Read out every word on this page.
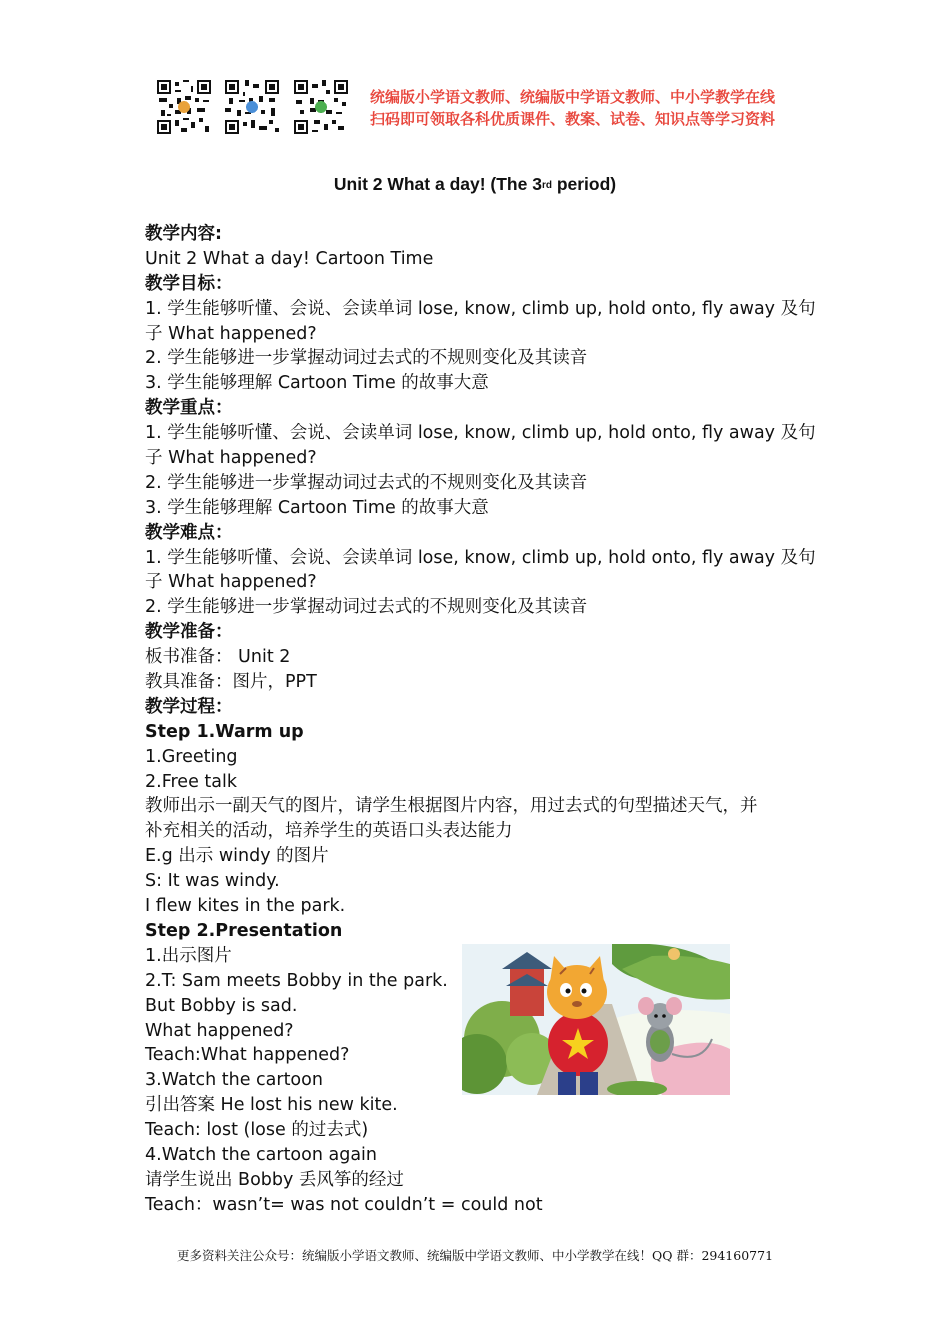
统编版小学语文教师、统编版中学语文教师、中小学教学在线
扫码即可领取各科优质课件、教案、试卷、知识点等学习资料
Unit 2 What a day! (The 3rd period)
教学内容:
Unit 2 What a day! Cartoon Time
教学目标：
1. 学生能够听懂、会说、会读单词 lose, know, climb up, hold onto, fly away 及句
子 What happened?
2. 学生能够进一步掌握动词过去式的不规则变化及其读音
3. 学生能够理解 Cartoon Time 的故事大意
教学重点：
1. 学生能够听懂、会说、会读单词 lose, know, climb up, hold onto, fly away 及句
子 What happened?
2. 学生能够进一步掌握动词过去式的不规则变化及其读音
3. 学生能够理解 Cartoon Time 的故事大意
教学难点：
1. 学生能够听懂、会说、会读单词 lose, know, climb up, hold onto, fly away 及句
子 What happened?
2. 学生能够进一步掌握动词过去式的不规则变化及其读音
教学准备：
板书准备： Unit 2
教具准备：图片，PPT
教学过程：
Step 1.Warm up
1.Greeting
2.Free talk
教师出示一副天气的图片，请学生根据图片内容，用过去式的句型描述天气，并
补充相关的活动，培养学生的英语口头表达能力
E.g 出示 windy 的图片
S: It was windy.
I flew kites in the park.
Step 2.Presentation
1.出示图片
2.T: Sam meets Bobby in the park.
But Bobby is sad.
What happened?
Teach:What happened?
3.Watch the cartoon
引出答案 He lost his new kite.
Teach: lost (lose 的过去式)
4.Watch the cartoon again
请学生说出 Bobby 丢风筝的经过
Teach：wasn’t= was not couldn’t = could not
更多资料关注公众号：统编版小学语文教师、统编版中学语文教师、中小学教学在线！QQ 群：294160771
